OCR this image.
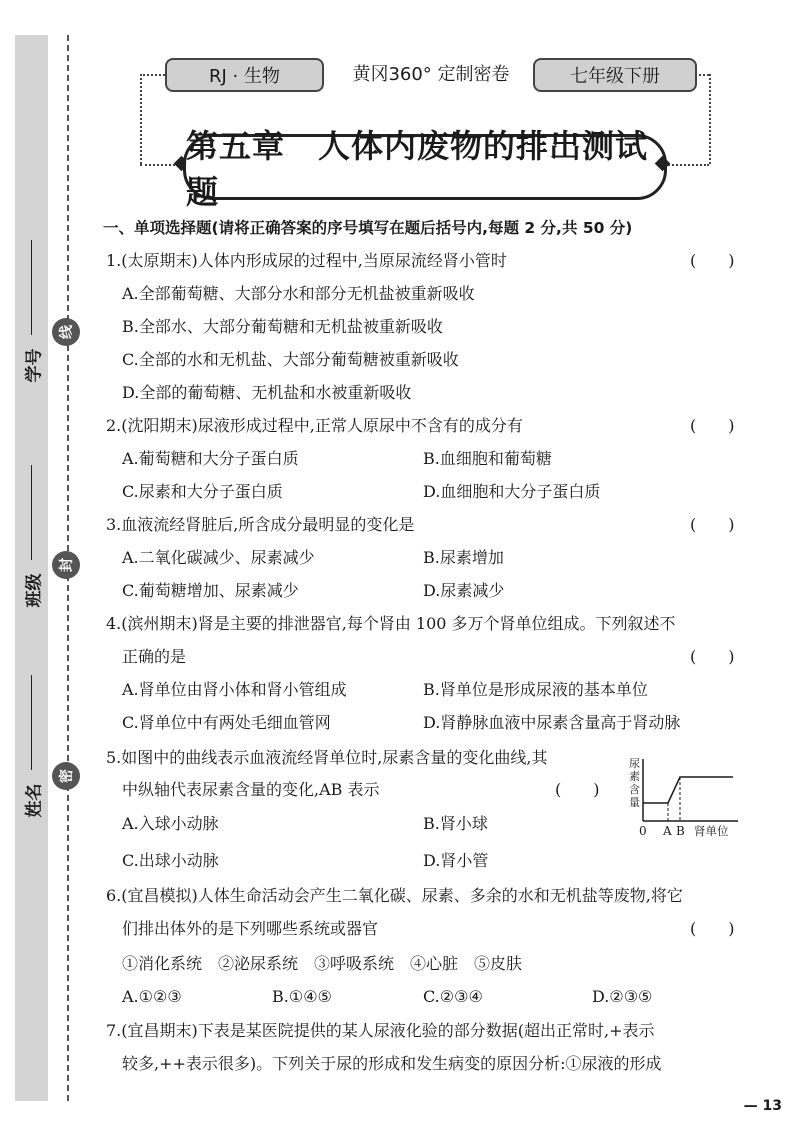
学号
班级
姓名
线
封
密
RJ · 生物	黄冈360° 定制密卷	七年级下册
第五章　人体内废物的排出测试题
一、单项选择题(请将正确答案的序号填写在题后括号内,每题 2 分,共 50 分)
1.(太原期末)人体内形成尿的过程中,当原尿流经肾小管时	(　　)
A.全部葡萄糖、大部分水和部分无机盐被重新吸收
B.全部水、大部分葡萄糖和无机盐被重新吸收
C.全部的水和无机盐、大部分葡萄糖被重新吸收
D.全部的葡萄糖、无机盐和水被重新吸收
2.(沈阳期末)尿液形成过程中,正常人原尿中不含有的成分有	(　　)
A.葡萄糖和大分子蛋白质	B.血细胞和葡萄糖
C.尿素和大分子蛋白质	D.血细胞和大分子蛋白质
3.血液流经肾脏后,所含成分最明显的变化是	(　　)
A.二氧化碳减少、尿素减少	B.尿素增加
C.葡萄糖增加、尿素减少	D.尿素减少
4.(滨州期末)肾是主要的排泄器官,每个肾由 100 多万个肾单位组成。下列叙述不
正确的是	(　　)
A.肾单位由肾小体和肾小管组成	B.肾单位是形成尿液的基本单位
C.肾单位中有两处毛细血管网	D.肾静脉血液中尿素含量高于肾动脉
5.如图中的曲线表示血液流经肾单位时,尿素含量的变化曲线,其
中纵轴代表尿素含量的变化,AB 表示	(　　)
A.入球小动脉	B.肾小球
C.出球小动脉	D.肾小管
尿
素
含
量
0 A B 肾单位
6.(宜昌模拟)人体生命活动会产生二氧化碳、尿素、多余的水和无机盐等废物,将它
们排出体外的是下列哪些系统或器官	(　　)
①消化系统　②泌尿系统　③呼吸系统　④心脏　⑤皮肤
A.①②③	B.①④⑤	C.②③④	D.②③⑤
7.(宜昌期末)下表是某医院提供的某人尿液化验的部分数据(超出正常时,+表示
较多,++表示很多)。下列关于尿的形成和发生病变的原因分析:①尿液的形成
— 13
